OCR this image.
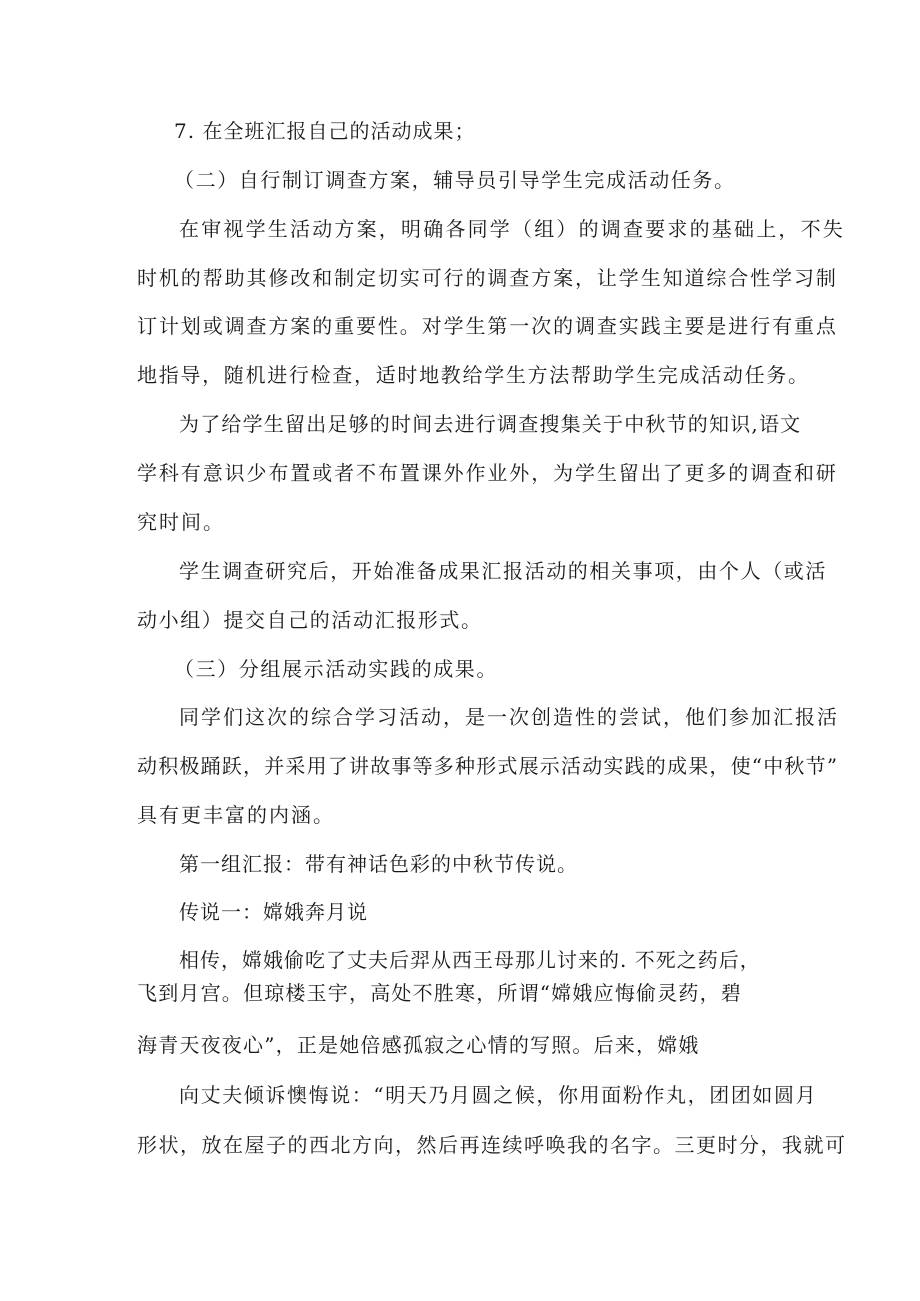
7. 在全班汇报自己的活动成果；

（二）自行制订调查方案，辅导员引导学生完成活动任务。

在审视学生活动方案，明确各同学（组）的调查要求的基础上，不失

时机的帮助其修改和制定切实可行的调查方案，让学生知道综合性学习制

订计划或调查方案的重要性。对学生第一次的调查实践主要是进行有重点

地指导，随机进行检查，适时地教给学生方法帮助学生完成活动任务。

为了给学生留出足够的时间去进行调查搜集关于中秋节的知识,语文

学科有意识少布置或者不布置课外作业外，为学生留出了更多的调查和研

究时间。

学生调查研究后，开始准备成果汇报活动的相关事项，由个人（或活

动小组）提交自己的活动汇报形式。

（三）分组展示活动实践的成果。

同学们这次的综合学习活动，是一次创造性的尝试，他们参加汇报活

动积极踊跃，并采用了讲故事等多种形式展示活动实践的成果，使“中秋节”

具有更丰富的内涵。

第一组汇报：带有神话色彩的中秋节传说。

传说一：嫦娥奔月说

相传，嫦娥偷吃了丈夫后羿从西王母那儿讨来的. 不死之药后，

飞到月宫。但琼楼玉宇，高处不胜寒，所谓“嫦娥应悔偷灵药，碧

海青天夜夜心”，正是她倍感孤寂之心情的写照。后来，嫦娥

向丈夫倾诉懊悔说：“明天乃月圆之候，你用面粉作丸，团团如圆月

形状，放在屋子的西北方向，然后再连续呼唤我的名字。三更时分，我就可
